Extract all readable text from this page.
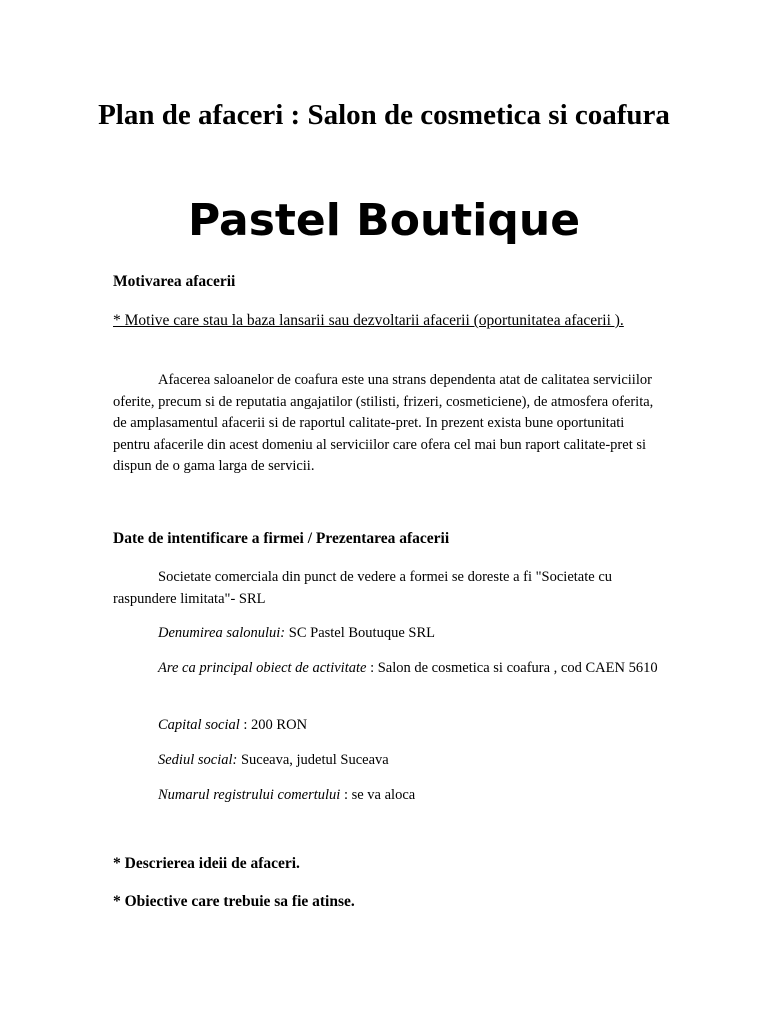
Plan de afaceri : Salon de cosmetica si coafura
Pastel Boutique

Motivarea afacerii

* Motive care stau la baza lansarii sau dezvoltarii afacerii (oportunitatea afacerii ).

Afacerea saloanelor de coafura este una strans dependenta atat de calitatea serviciilor oferite, precum si de reputatia angajatilor (stilisti, frizeri, cosmeticiene), de atmosfera oferita, de amplasamentul afacerii si de raportul calitate-pret. In prezent exista bune oportunitati pentru afacerile din acest domeniu al serviciilor care ofera cel mai bun raport calitate-pret si dispun de o gama larga de servicii.

Date de intentificare a firmei / Prezentarea afacerii

Societate comerciala din punct de vedere a formei se doreste a fi "Societate cu raspundere limitata"- SRL

Denumirea salonului: SC Pastel Boutuque SRL

Are ca principal obiect de activitate : Salon de cosmetica si coafura , cod CAEN 5610

Capital social : 200 RON

Sediul social: Suceava, judetul Suceava

Numarul registrului comertului : se va aloca

* Descrierea ideii de afaceri.

* Obiective care trebuie sa fie atinse.
